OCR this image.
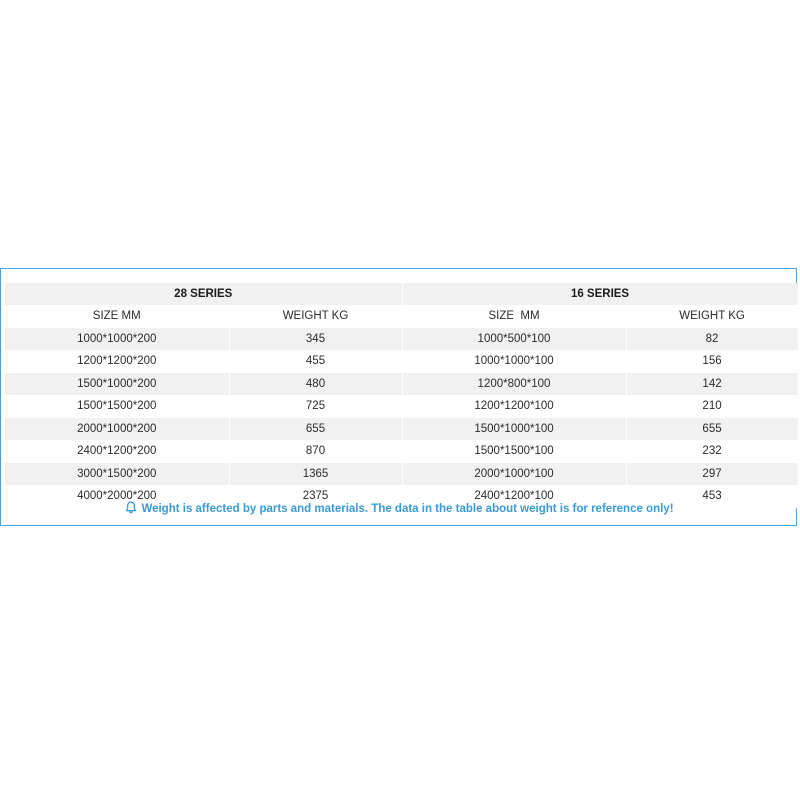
28 SERIES		16 SERIES	
SIZE MM	WEIGHT KG	SIZE  MM	WEIGHT KG
1000*1000*200	345	1000*500*100	82
1200*1200*200	455	1000*1000*100	156
1500*1000*200	480	1200*800*100	142
1500*1500*200	725	1200*1200*100	210
2000*1000*200	655	1500*1000*100	655
2400*1200*200	870	1500*1500*100	232
3000*1500*200	1365	2000*1000*100	297
4000*2000*200	2375	2400*1200*100	453
Weight is affected by parts and materials. The data in the table about weight is for reference only!
